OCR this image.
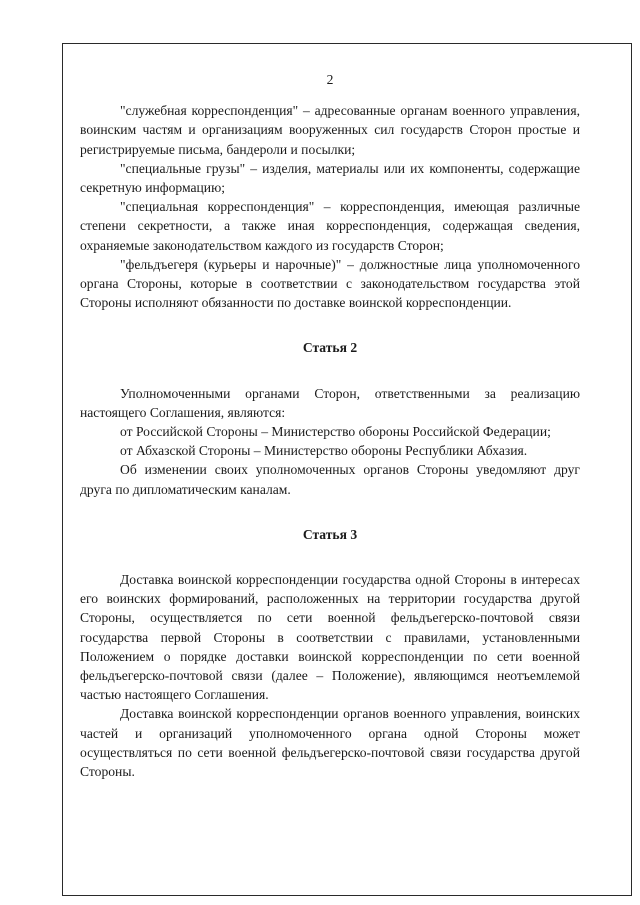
2

"служебная корреспонденция" – адресованные органам военного управления, воинским частям и организациям вооруженных сил государств Сторон простые и регистрируемые письма, бандероли и посылки;

"специальные грузы" – изделия, материалы или их компоненты, содержащие секретную информацию;

"специальная корреспонденция" – корреспонденция, имеющая различные степени секретности, а также иная корреспонденция, содержащая сведения, охраняемые законодательством каждого из государств Сторон;

"фельдъегеря (курьеры и нарочные)" – должностные лица уполномоченного органа Стороны, которые в соответствии с законодательством государства этой Стороны исполняют обязанности по доставке воинской корреспонденции.

Статья 2

Уполномоченными органами Сторон, ответственными за реализацию настоящего Соглашения, являются:

от Российской Стороны – Министерство обороны Российской Федерации;

от Абхазской Стороны – Министерство обороны Республики Абхазия.

Об изменении своих уполномоченных органов Стороны уведомляют друг друга по дипломатическим каналам.

Статья 3

Доставка воинской корреспонденции государства одной Стороны в интересах его воинских формирований, расположенных на территории государства другой Стороны, осуществляется по сети военной фельдъегерско-почтовой связи государства первой Стороны в соответствии с правилами, установленными Положением о порядке доставки воинской корреспонденции по сети военной фельдъегерско-почтовой связи (далее – Положение), являющимся неотъемлемой частью настоящего Соглашения.

Доставка воинской корреспонденции органов военного управления, воинских частей и организаций уполномоченного органа одной Стороны может осуществляться по сети военной фельдъегерско-почтовой связи государства другой Стороны.
